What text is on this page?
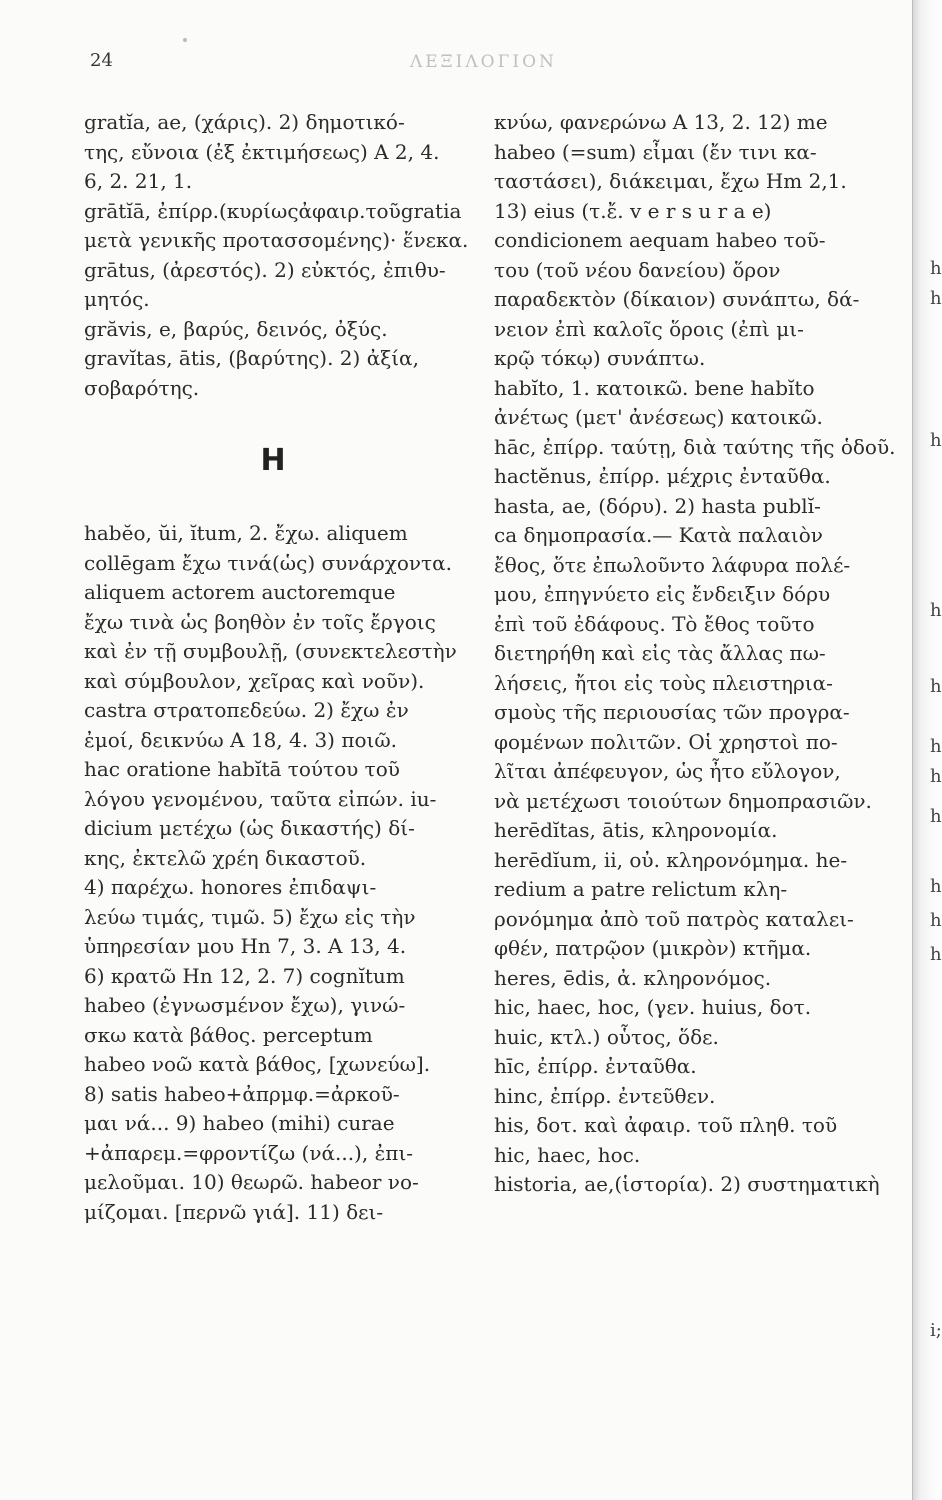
24	ΛΕΞΙΛΟΓΙΟΝ
gratĭa, ae, (χάρις). 2) δημοτικό-
της, εὔνοια (ἐξ ἐκτιμήσεως) A 2, 4.
6, 2. 21, 1.
grātĭā, ἐπίρρ.(κυρίωςἀφαιρ.τοῦgratia
μετὰ γενικῆς προτασσομένης)· ἕνεκα.
grātus, (ἀρεστός). 2) εὐκτός, ἐπιθυ-
μητός.
grăvis, e, βαρύς, δεινός, ὀξύς.
gravĭtas, ātis, (βαρύτης). 2) ἀξία,
σοβαρότης.
H
habĕo, ŭi, ĭtum, 2. ἔχω. aliquem
collēgam ἔχω τινά(ὡς) συνάρχοντα.
aliquem actorem auctoremque
ἔχω τινὰ ὡς βοηθὸν ἐν τοῖς ἔργοις
καὶ ἐν τῇ συμβουλῇ, (συνεκτελεστὴν
καὶ σύμβουλον, χεῖρας καὶ νοῦν).
castra στρατοπεδεύω. 2) ἔχω ἐν
ἐμοί, δεικνύω A 18, 4. 3) ποιῶ.
hac oratione habĭtā τούτου τοῦ
λόγου γενομένου, ταῦτα εἰπών. iu-
dicium μετέχω (ὡς δικαστής) δί-
κης, ἐκτελῶ χρέη δικαστοῦ.
4) παρέχω. honores ἐπιδαψι-
λεύω τιμάς, τιμῶ. 5) ἔχω εἰς τὴν
ὑπηρεσίαν μου Hn 7, 3. A 13, 4.
6) κρατῶ Hn 12, 2. 7) cognĭtum
habeo (ἐγνωσμένον ἔχω), γινώ-
σκω κατὰ βάθος. perceptum
habeo νοῶ κατὰ βάθος, [χωνεύω].
8) satis habeo+ἀπρμφ.=ἀρκοῦ-
μαι νά... 9) habeo (mihi) curae
+ἀπαρεμ.=φροντίζω (νά...), ἐπι-
μελοῦμαι. 10) θεωρῶ. habeor νο-
μίζομαι. [περνῶ γιά]. 11) δει-
κνύω, φανερώνω A 13, 2. 12) me
habeo (=sum) εἶμαι (ἔν τινι κα-
ταστάσει), διάκειμαι, ἔχω Hm 2,1.
13) eius (τ.ἔ. v e r s u r a e)
condicionem aequam habeo τοῦ-
του (τοῦ νέου δανείου) ὅρον
παραδεκτὸν (δίκαιον) συνάπτω, δά-
νειον ἐπὶ καλοῖς ὅροις (ἐπὶ μι-
κρῷ τόκῳ) συνάπτω.
habĭto, 1. κατοικῶ. bene habĭto
ἀνέτως (μετ' ἀνέσεως) κατοικῶ.
hāc, ἐπίρρ. ταύτῃ, διὰ ταύτης τῆς ὁδοῦ.
hactĕnus, ἐπίρρ. μέχρις ἐνταῦθα.
hasta, ae, (δόρυ). 2) hasta publĭ-
ca δημοπρασία.— Κατὰ παλαιὸν
ἔθος, ὅτε ἐπωλοῦντο λάφυρα πολέ-
μου, ἐπηγνύετο εἰς ἔνδειξιν δόρυ
ἐπὶ τοῦ ἐδάφους. Τὸ ἔθος τοῦτο
διετηρήθη καὶ εἰς τὰς ἄλλας πω-
λήσεις, ἤτοι εἰς τοὺς πλειστηρια-
σμοὺς τῆς περιουσίας τῶν προγρα-
φομένων πολιτῶν. Οἱ χρηστοὶ πο-
λῖται ἀπέφευγον, ὡς ἦτο εὔλογον,
νὰ μετέχωσι τοιούτων δημοπρασιῶν.
herēdĭtas, ātis, κληρονομία.
herēdĭum, ii, οὐ. κληρονόμημα. he-
redium a patre relictum κλη-
ρονόμημα ἀπὸ τοῦ πατρὸς καταλει-
φθέν, πατρῷον (μικρὸν) κτῆμα.
heres, ēdis, ἀ. κληρονόμος.
hic, haec, hoc, (γεν. huius, δοτ.
huic, κτλ.) οὗτος, ὅδε.
hīc, ἐπίρρ. ἐνταῦθα.
hinc, ἐπίρρ. ἐντεῦθεν.
his, δοτ. καὶ ἀφαιρ. τοῦ πληθ. τοῦ
hic, haec, hoc.
historia, ae,(ἱστορία). 2) συστηματικὴ
h
h
h
h
h
h
h
h
h
h
h
i;
